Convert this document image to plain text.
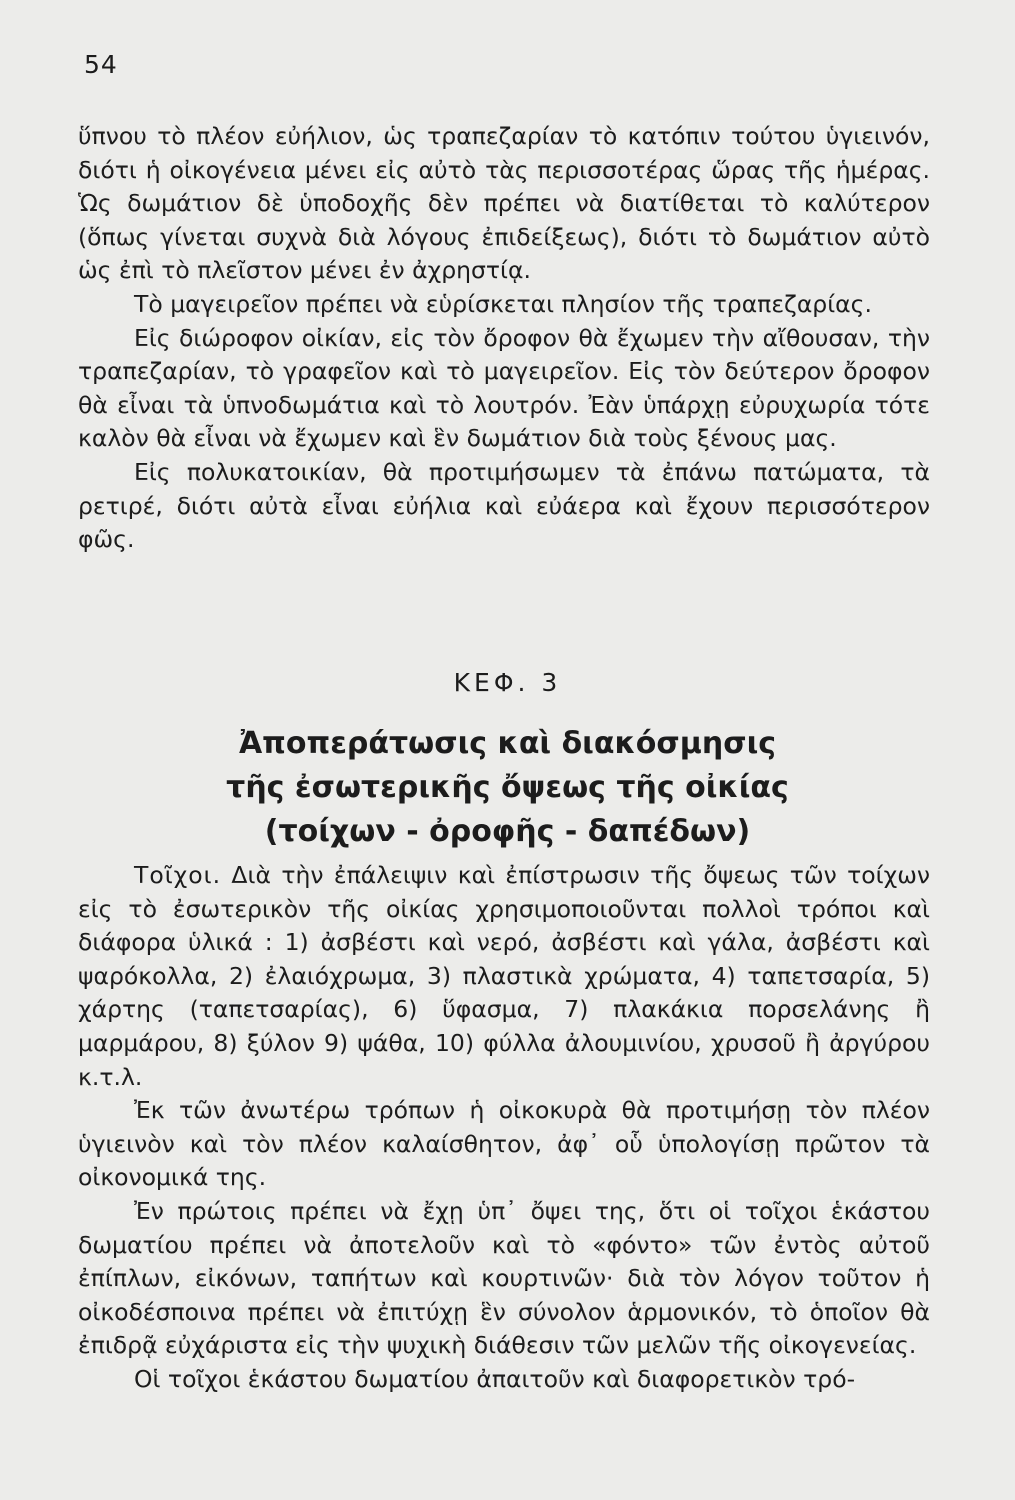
54

ὕπνου τὸ πλέον εὐήλιον, ὡς τραπεζαρίαν τὸ κατόπιν τούτου ὑγιεινόν, διότι ἡ οἰκογένεια μένει εἰς αὐτὸ τὰς περισσοτέρας ὥρας τῆς ἡμέρας. Ὡς δωμάτιον δὲ ὑποδοχῆς δὲν πρέπει νὰ διατίθεται τὸ καλύτερον (ὅπως γίνεται συχνὰ διὰ λόγους ἐπιδείξεως), διότι τὸ δωμάτιον αὐτὸ ὡς ἐπὶ τὸ πλεῖστον μένει ἐν ἀχρηστίᾳ.

Τὸ μαγειρεῖον πρέπει νὰ εὑρίσκεται πλησίον τῆς τραπεζαρίας.

Εἰς διώροφον οἰκίαν, εἰς τὸν ὄροφον θὰ ἔχωμεν τὴν αἴθουσαν, τὴν τραπεζαρίαν, τὸ γραφεῖον καὶ τὸ μαγειρεῖον. Εἰς τὸν δεύτερον ὄροφον θὰ εἶναι τὰ ὑπνοδωμάτια καὶ τὸ λουτρόν. Ἐὰν ὑπάρχῃ εὐρυχωρία τότε καλὸν θὰ εἶναι νὰ ἔχωμεν καὶ ἓν δωμάτιον διὰ τοὺς ξένους μας.

Εἰς πολυκατοικίαν, θὰ προτιμήσωμεν τὰ ἐπάνω πατώματα, τὰ ρετιρέ, διότι αὐτὰ εἶναι εὐήλια καὶ εὐάερα καὶ ἔχουν περισσότερον φῶς.

ΚΕΦ. 3
Ἀποπεράτωσις καὶ διακόσμησις
τῆς ἐσωτερικῆς ὄψεως τῆς οἰκίας
(τοίχων - ὀροφῆς - δαπέδων)

Τοῖχοι. Διὰ τὴν ἐπάλειψιν καὶ ἐπίστρωσιν τῆς ὄψεως τῶν τοίχων εἰς τὸ ἐσωτερικὸν τῆς οἰκίας χρησιμοποιοῦνται πολλοὶ τρόποι καὶ διάφορα ὑλικά : 1) ἀσβέστι καὶ νερό, ἀσβέστι καὶ γάλα, ἀσβέστι καὶ ψαρόκολλα, 2) ἐλαιόχρωμα, 3) πλαστικὰ χρώματα, 4) ταπετσαρία, 5) χάρτης (ταπετσαρίας), 6) ὕφασμα, 7) πλακάκια πορσελάνης ἢ μαρμάρου, 8) ξύλον 9) ψάθα, 10) φύλλα ἀλουμινίου, χρυσοῦ ἢ ἀργύρου κ.τ.λ.

Ἐκ τῶν ἀνωτέρω τρόπων ἡ οἰκοκυρὰ θὰ προτιμήσῃ τὸν πλέον ὑγιεινὸν καὶ τὸν πλέον καλαίσθητον, ἀφ᾿ οὗ ὑπολογίσῃ πρῶτον τὰ οἰκονομικά της.

Ἐν πρώτοις πρέπει νὰ ἔχῃ ὑπ᾿ ὄψει της, ὅτι οἱ τοῖχοι ἑκάστου δωματίου πρέπει νὰ ἀποτελοῦν καὶ τὸ «φόντο» τῶν ἐντὸς αὐτοῦ ἐπίπλων, εἰκόνων, ταπήτων καὶ κουρτινῶν· διὰ τὸν λόγον τοῦτον ἡ οἰκοδέσποινα πρέπει νὰ ἐπιτύχῃ ἓν σύνολον ἁρμονικόν, τὸ ὁποῖον θὰ ἐπιδρᾷ εὐχάριστα εἰς τὴν ψυχικὴ διάθεσιν τῶν μελῶν τῆς οἰκογενείας.

Οἱ τοῖχοι ἑκάστου δωματίου ἀπαιτοῦν καὶ διαφορετικὸν τρό-
